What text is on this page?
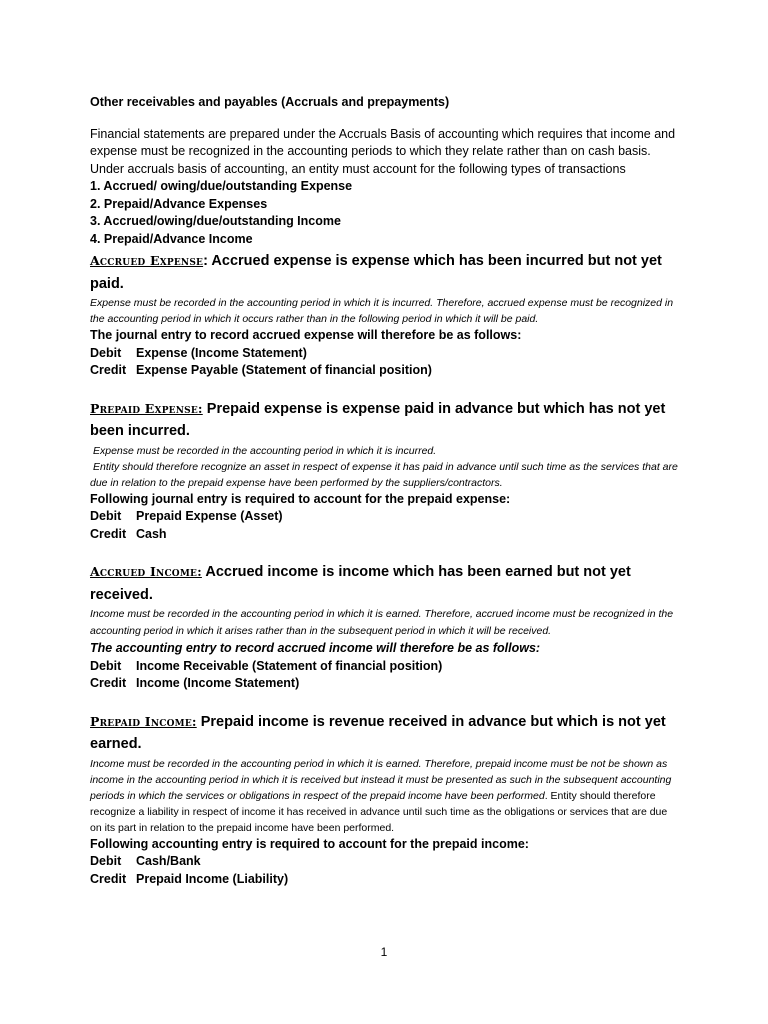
Other receivables and payables (Accruals and prepayments)

Financial statements are prepared under the Accruals Basis of accounting which requires that income and expense must be recognized in the accounting periods to which they relate rather than on cash basis.

Under accruals basis of accounting, an entity must account for the following types of transactions

1. Accrued/ owing/due/outstanding Expense
2. Prepaid/Advance Expenses
3. Accrued/owing/due/outstanding Income
4. Prepaid/Advance Income

Accrued Expense: Accrued expense is expense which has been incurred but not yet paid.

Expense must be recorded in the accounting period in which it is incurred. Therefore, accrued expense must be recognized in the accounting period in which it occurs rather than in the following period in which it will be paid.

The journal entry to record accrued expense will therefore be as follows:

Debit	Expense (Income Statement)
Credit Expense Payable (Statement of financial position)

Prepaid Expense: Prepaid expense is expense paid in advance but which has not yet been incurred.

Expense must be recorded in the accounting period in which it is incurred.

Entity should therefore recognize an asset in respect of expense it has paid in advance until such time as the services that are due in relation to the prepaid expense have been performed by the suppliers/contractors.

Following journal entry is required to account for the prepaid expense:

Debit	Prepaid Expense (Asset)
Credit Cash

Accrued Income: Accrued income is income which has been earned but not yet received.

Income must be recorded in the accounting period in which it is earned. Therefore, accrued income must be recognized in the accounting period in which it arises rather than in the subsequent period in which it will be received.

The accounting entry to record accrued income will therefore be as follows:

Debit	Income Receivable (Statement of financial position)
Credit Income (Income Statement)

Prepaid Income: Prepaid income is revenue received in advance but which is not yet earned.

Income must be recorded in the accounting period in which it is earned. Therefore, prepaid income must be not be shown as income in the accounting period in which it is received but instead it must be presented as such in the subsequent accounting periods in which the services or obligations in respect of the prepaid income have been performed. Entity should therefore recognize a liability in respect of income it has received in advance until such time as the obligations or services that are due on its part in relation to the prepaid income have been performed.

Following accounting entry is required to account for the prepaid income:

Debit	Cash/Bank
Credit Prepaid Income (Liability)
1
